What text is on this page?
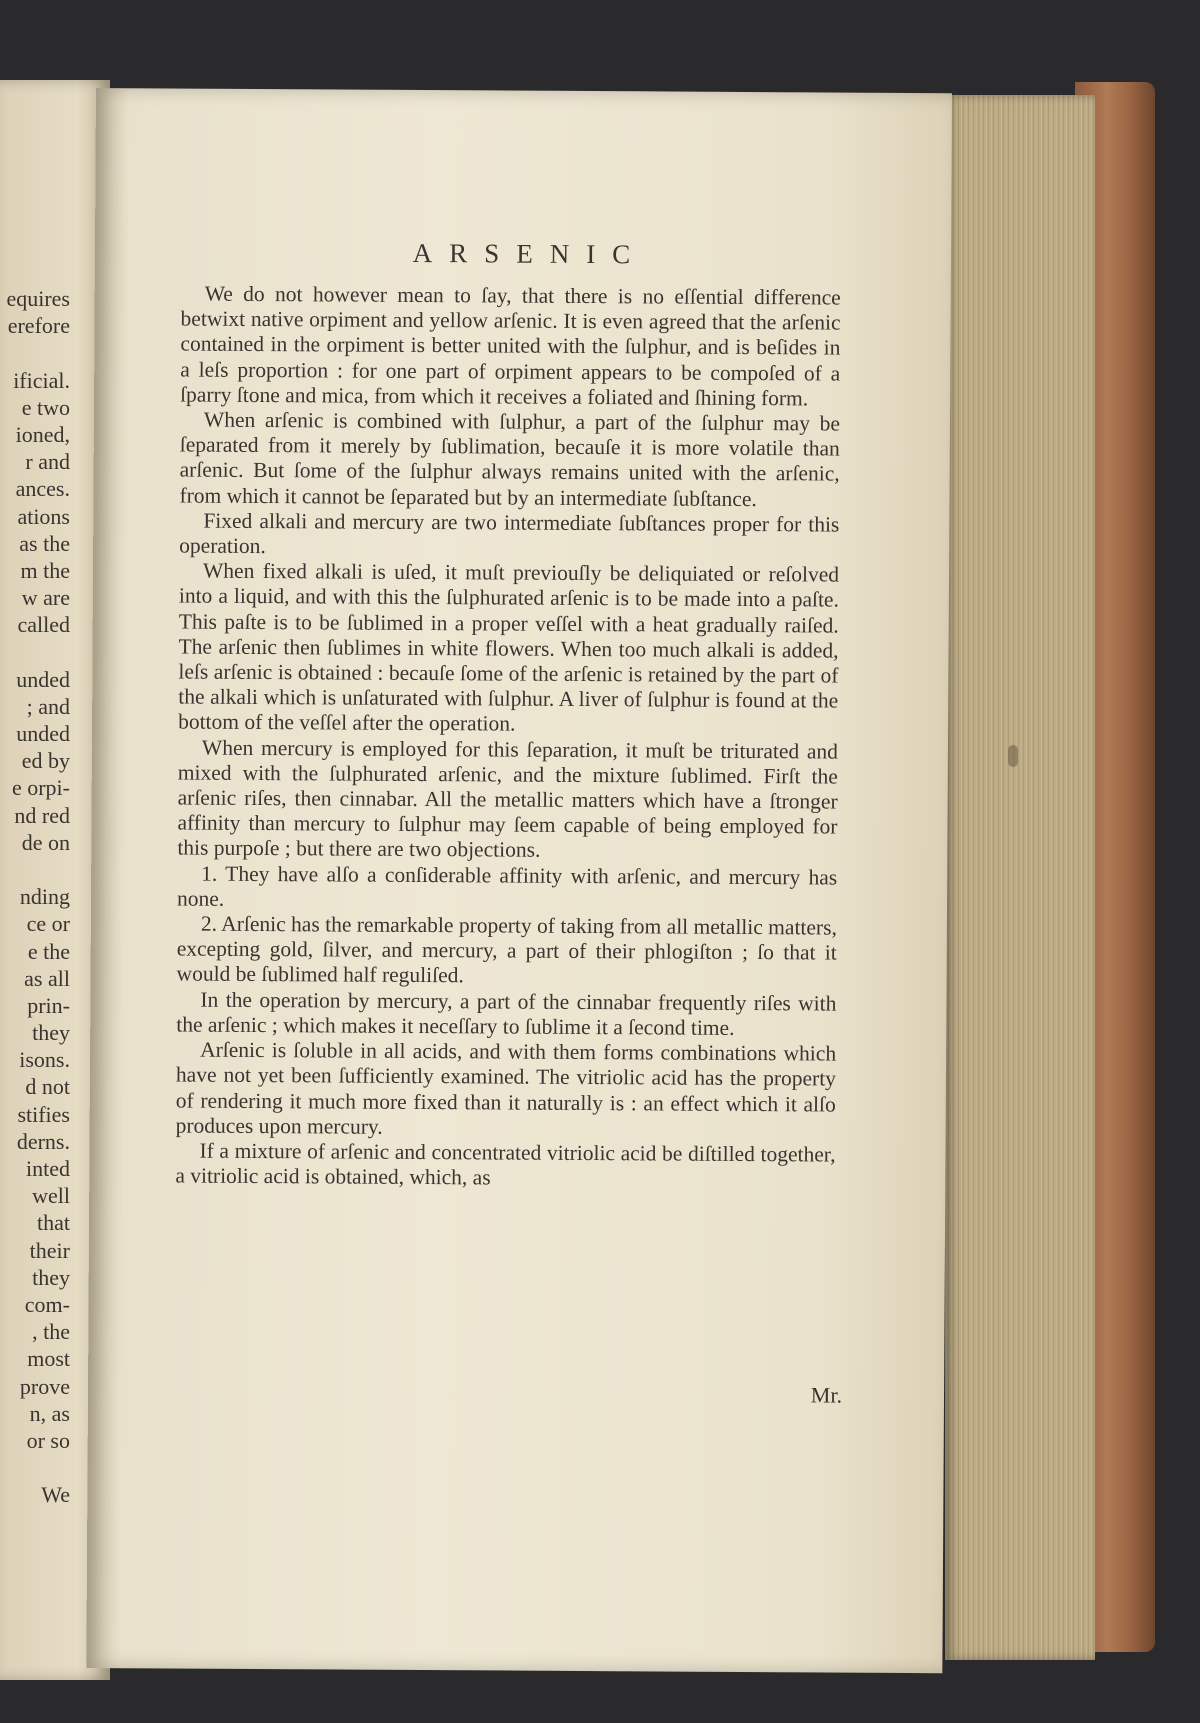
equires
erefore
ificial.
e two
ioned,
r and
ances.
ations
as the
m the
w are
called
unded
; and
unded
ed by
e orpi-
nd red
de on
nding
ce or
e the
as all
prin-
they
isons.
d not
stifies
derns.
inted
well
that
their
they
com-
, the
most
prove
n, as
or so
We
ARSENIC

We do not however mean to ſay, that there is no eſſential difference betwixt native orpiment and yellow arſenic. It is even agreed that the arſenic contained in the orpiment is better united with the ſulphur, and is beſides in a leſs proportion : for one part of orpiment appears to be compoſed of a ſparry ſtone and mica, from which it receives a foliated and ſhining form.

When arſenic is combined with ſulphur, a part of the ſulphur may be ſeparated from it merely by ſublimation, becauſe it is more volatile than arſenic. But ſome of the ſulphur always remains united with the arſenic, from which it cannot be ſeparated but by an intermediate ſubſtance.

Fixed alkali and mercury are two intermediate ſubſtances proper for this operation.

When fixed alkali is uſed, it muſt previouſly be deliquiated or reſolved into a liquid, and with this the ſulphurated arſenic is to be made into a paſte. This paſte is to be ſublimed in a proper veſſel with a heat gradually raiſed. The arſenic then ſublimes in white flowers. When too much alkali is added, leſs arſenic is obtained : becauſe ſome of the arſenic is retained by the part of the alkali which is unſaturated with ſulphur. A liver of ſulphur is found at the bottom of the veſſel after the operation.

When mercury is employed for this ſeparation, it muſt be triturated and mixed with the ſulphurated arſenic, and the mixture ſublimed. Firſt the arſenic riſes, then cinnabar. All the metallic matters which have a ſtronger affinity than mercury to ſulphur may ſeem capable of being employed for this purpoſe ; but there are two objections.

1. They have alſo a conſiderable affinity with arſenic, and mercury has none.

2. Arſenic has the remarkable property of taking from all metallic matters, excepting gold, ſilver, and mercury, a part of their phlogiſton ; ſo that it would be ſublimed half reguliſed.

In the operation by mercury, a part of the cinnabar frequently riſes with the arſenic ; which makes it neceſſary to ſublime it a ſecond time.

Arſenic is ſoluble in all acids, and with them forms combinations which have not yet been ſufficiently examined. The vitriolic acid has the property of rendering it much more fixed than it naturally is : an effect which it alſo produces upon mercury.

If a mixture of arſenic and concentrated vitriolic acid be diſtilled together, a vitriolic acid is obtained, which, as

Mr.
